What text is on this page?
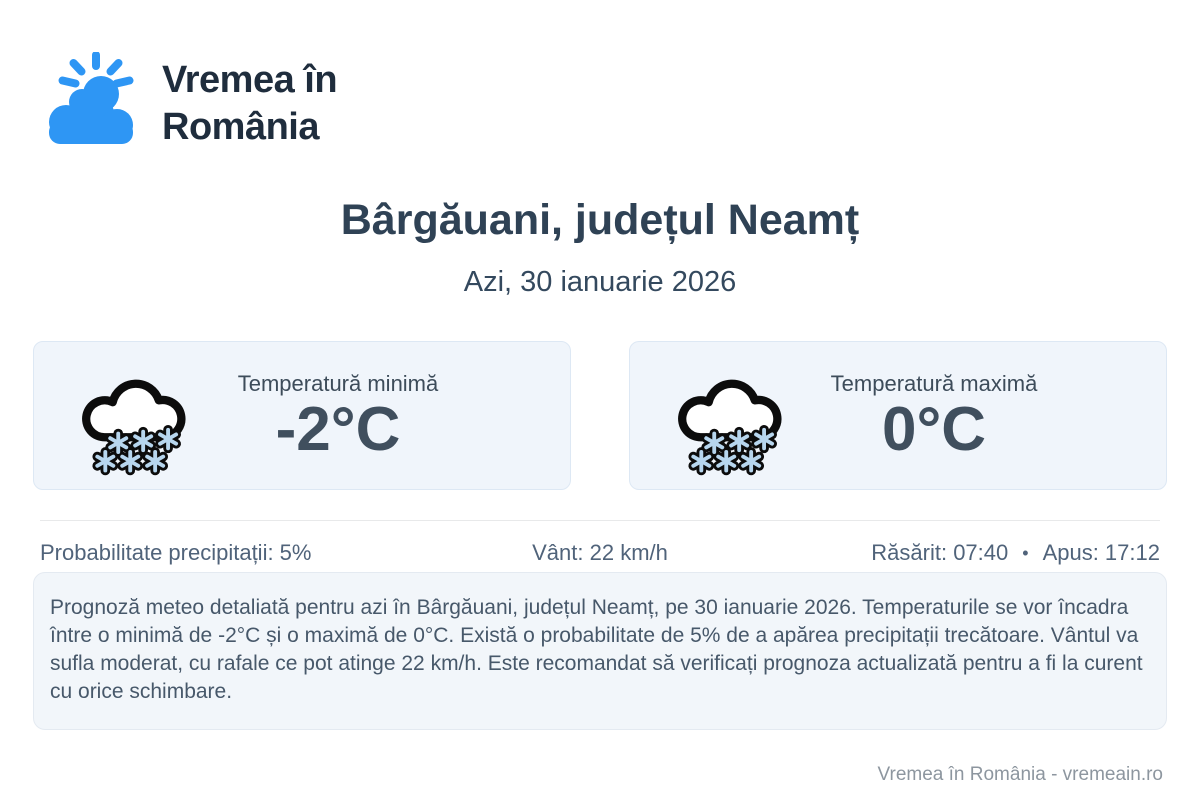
Vremea în
România
Bârgăuani, județul Neamț
Azi, 30 ianuarie 2026
Temperatură minimă
-2°C
Temperatură maximă
0°C
Probabilitate precipitații: 5%	Vânt: 22 km/h	Răsărit: 07:40 • Apus: 17:12

Prognoză meteo detaliată pentru azi în Bârgăuani, județul Neamț, pe 30 ianuarie 2026. Temperaturile se vor încadra între o minimă de -2°C și o maximă de 0°C. Există o probabilitate de 5% de a apărea precipitații trecătoare. Vântul va sufla moderat, cu rafale ce pot atinge 22 km/h. Este recomandat să verificați prognoza actualizată pentru a fi la curent cu orice schimbare.

Vremea în România - vremeain.ro
